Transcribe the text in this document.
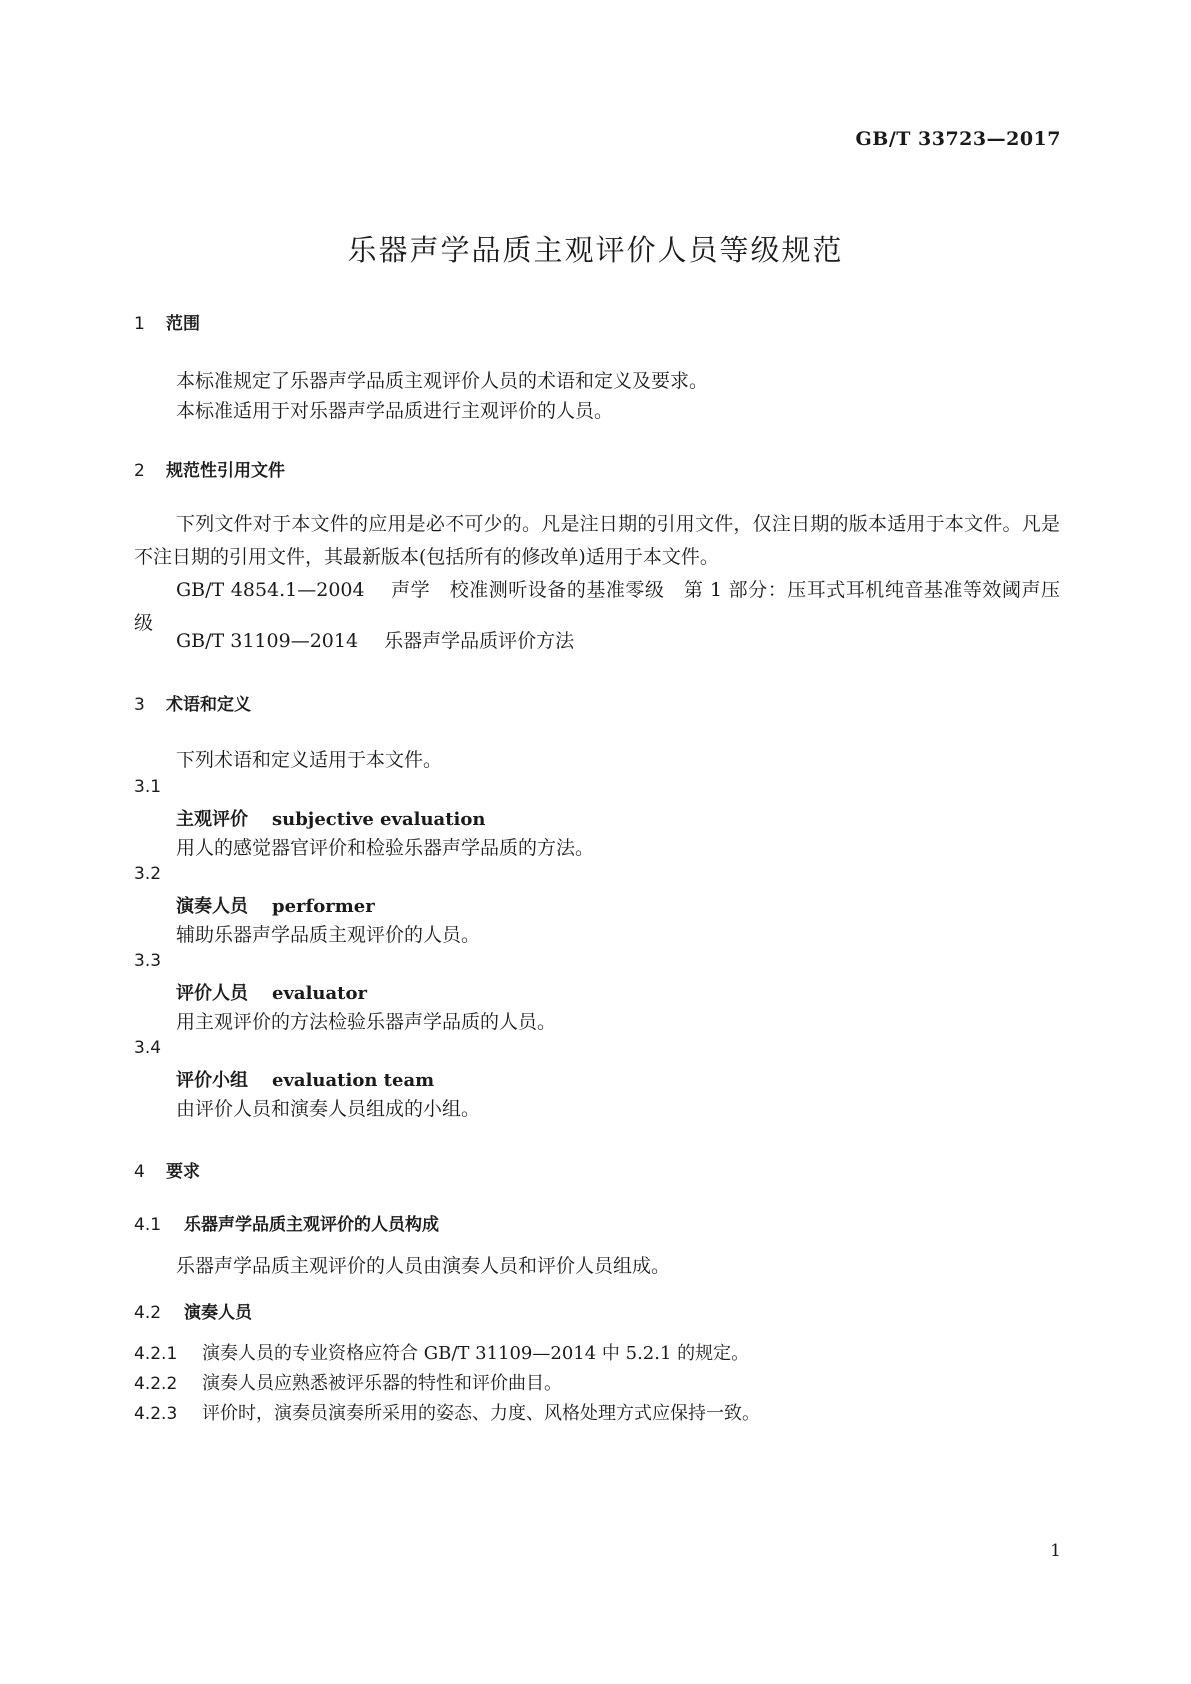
GB/T 33723—2017
乐器声学品质主观评价人员等级规范
1 范围
本标准规定了乐器声学品质主观评价人员的术语和定义及要求。
本标准适用于对乐器声学品质进行主观评价的人员。
2 规范性引用文件
下列文件对于本文件的应用是必不可少的。凡是注日期的引用文件，仅注日期的版本适用于本文件。凡是不注日期的引用文件，其最新版本(包括所有的修改单)适用于本文件。
GB/T 4854.1—2004 声学　校准测听设备的基准零级　第 1 部分：压耳式耳机纯音基准等效阈声压级
GB/T 31109—2014 乐器声学品质评价方法
3 术语和定义
下列术语和定义适用于本文件。
3.1
主观评价 subjective evaluation
用人的感觉器官评价和检验乐器声学品质的方法。
3.2
演奏人员 performer
辅助乐器声学品质主观评价的人员。
3.3
评价人员 evaluator
用主观评价的方法检验乐器声学品质的人员。
3.4
评价小组 evaluation team
由评价人员和演奏人员组成的小组。
4 要求
4.1 乐器声学品质主观评价的人员构成
乐器声学品质主观评价的人员由演奏人员和评价人员组成。
4.2 演奏人员
4.2.1 演奏人员的专业资格应符合 GB/T 31109—2014 中 5.2.1 的规定。
4.2.2 演奏人员应熟悉被评乐器的特性和评价曲目。
4.2.3 评价时，演奏员演奏所采用的姿态、力度、风格处理方式应保持一致。
1
